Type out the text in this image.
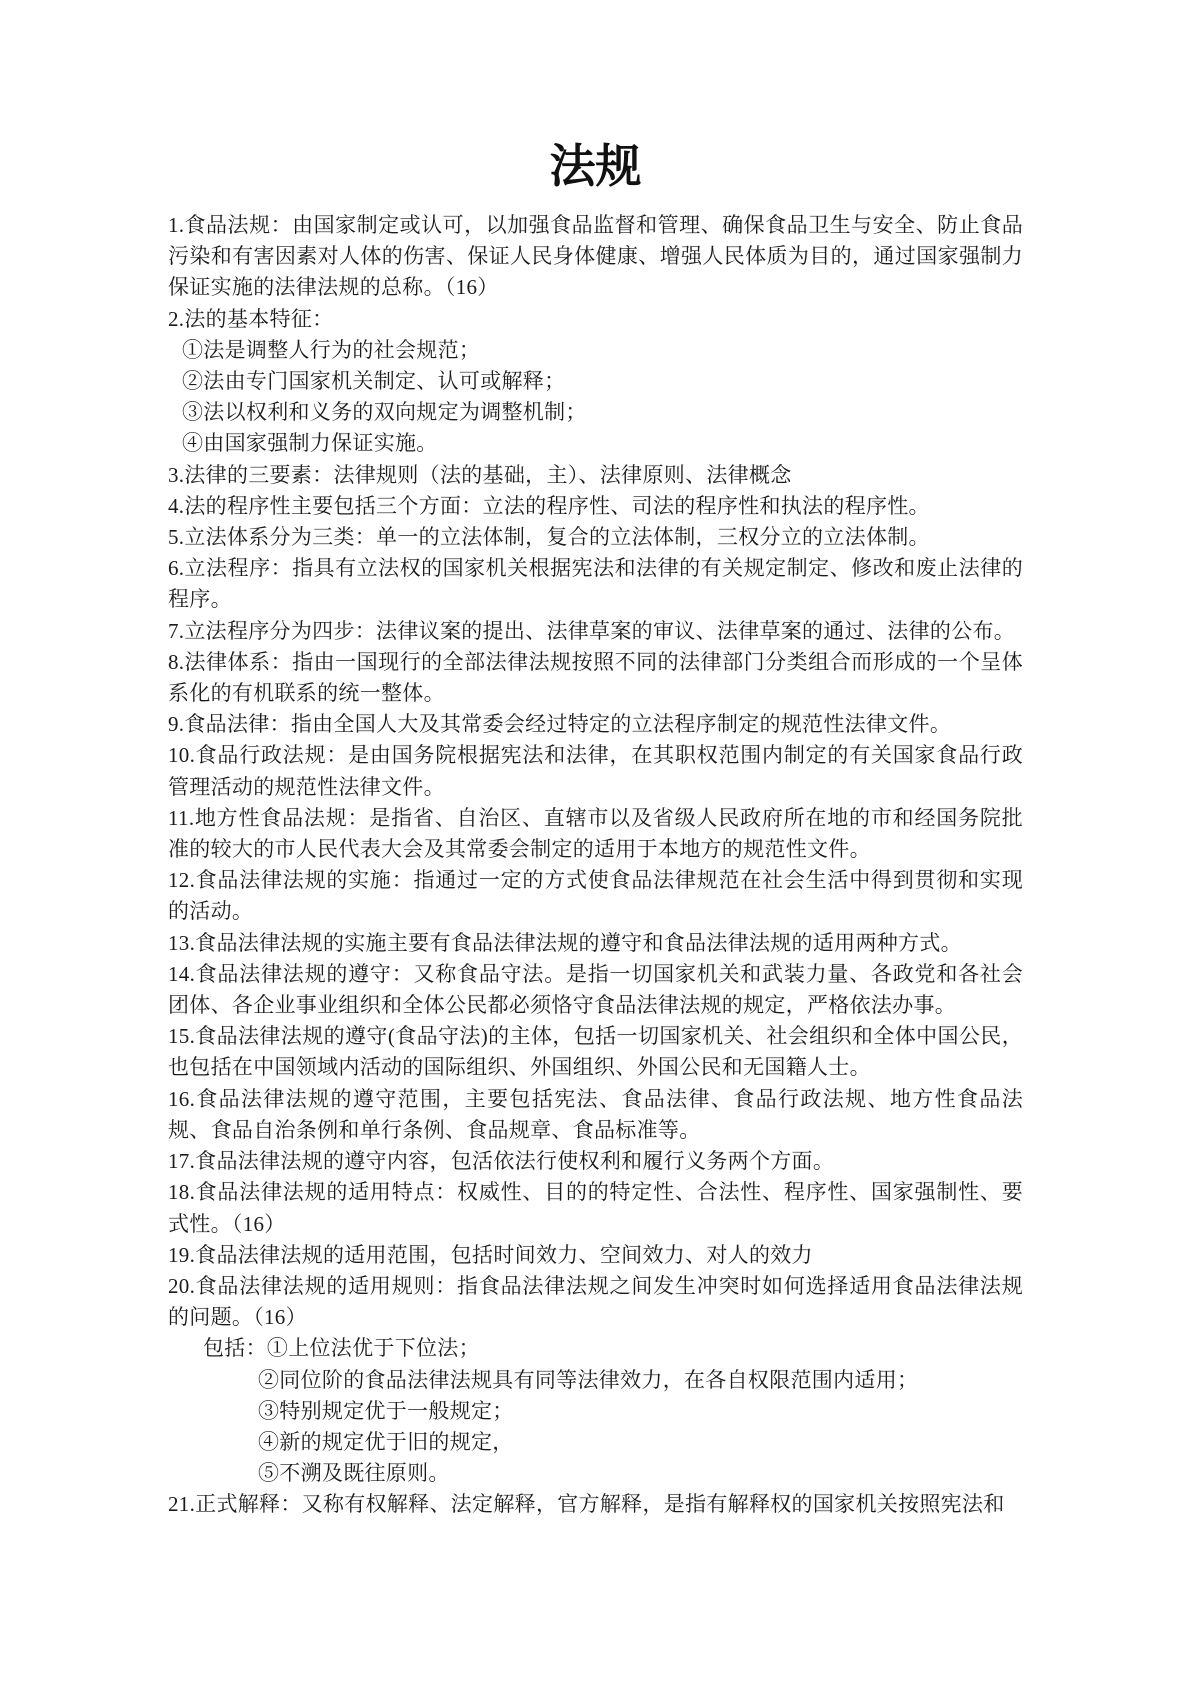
法规

1.食品法规：由国家制定或认可，以加强食品监督和管理、确保食品卫生与安全、防止食品污染和有害因素对人体的伤害、保证人民身体健康、增强人民体质为目的，通过国家强制力保证实施的法律法规的总称。（16）

2.法的基本特征：

①法是调整人行为的社会规范；

②法由专门国家机关制定、认可或解释；

③法以权利和义务的双向规定为调整机制；

④由国家强制力保证实施。

3.法律的三要素：法律规则（法的基础，主）、法律原则、法律概念

4.法的程序性主要包括三个方面：立法的程序性、司法的程序性和执法的程序性。

5.立法体系分为三类：单一的立法体制，复合的立法体制，三权分立的立法体制。

6.立法程序：指具有立法权的国家机关根据宪法和法律的有关规定制定、修改和废止法律的程序。

7.立法程序分为四步：法律议案的提出、法律草案的审议、法律草案的通过、法律的公布。

8.法律体系：指由一国现行的全部法律法规按照不同的法律部门分类组合而形成的一个呈体系化的有机联系的统一整体。

9.食品法律：指由全国人大及其常委会经过特定的立法程序制定的规范性法律文件。

10.食品行政法规：是由国务院根据宪法和法律，在其职权范围内制定的有关国家食品行政管理活动的规范性法律文件。

11.地方性食品法规：是指省、自治区、直辖市以及省级人民政府所在地的市和经国务院批准的较大的市人民代表大会及其常委会制定的适用于本地方的规范性文件。

12.食品法律法规的实施：指通过一定的方式使食品法律规范在社会生活中得到贯彻和实现的活动。

13.食品法律法规的实施主要有食品法律法规的遵守和食品法律法规的适用两种方式。

14.食品法律法规的遵守：又称食品守法。是指一切国家机关和武装力量、各政党和各社会团体、各企业事业组织和全体公民都必须恪守食品法律法规的规定，严格依法办事。

15.食品法律法规的遵守(食品守法)的主体，包括一切国家机关、社会组织和全体中国公民，也包括在中国领域内活动的国际组织、外国组织、外国公民和无国籍人士。

16.食品法律法规的遵守范围，主要包括宪法、食品法律、食品行政法规、地方性食品法规、食品自治条例和单行条例、食品规章、食品标准等。

17.食品法律法规的遵守内容，包活依法行使权利和履行义务两个方面。

18.食品法律法规的适用特点：权威性、目的的特定性、合法性、程序性、国家强制性、要式性。（16）

19.食品法律法规的适用范围，包括时间效力、空间效力、对人的效力

20.食品法律法规的适用规则：指食品法律法规之间发生冲突时如何选择适用食品法律法规的问题。（16）

包括：①上位法优于下位法；

②同位阶的食品法律法规具有同等法律效力，在各自权限范围内适用；

③特别规定优于一般规定；

④新的规定优于旧的规定，

⑤不溯及既往原则。

21.正式解释：又称有权解释、法定解释，官方解释，是指有解释权的国家机关按照宪法和
